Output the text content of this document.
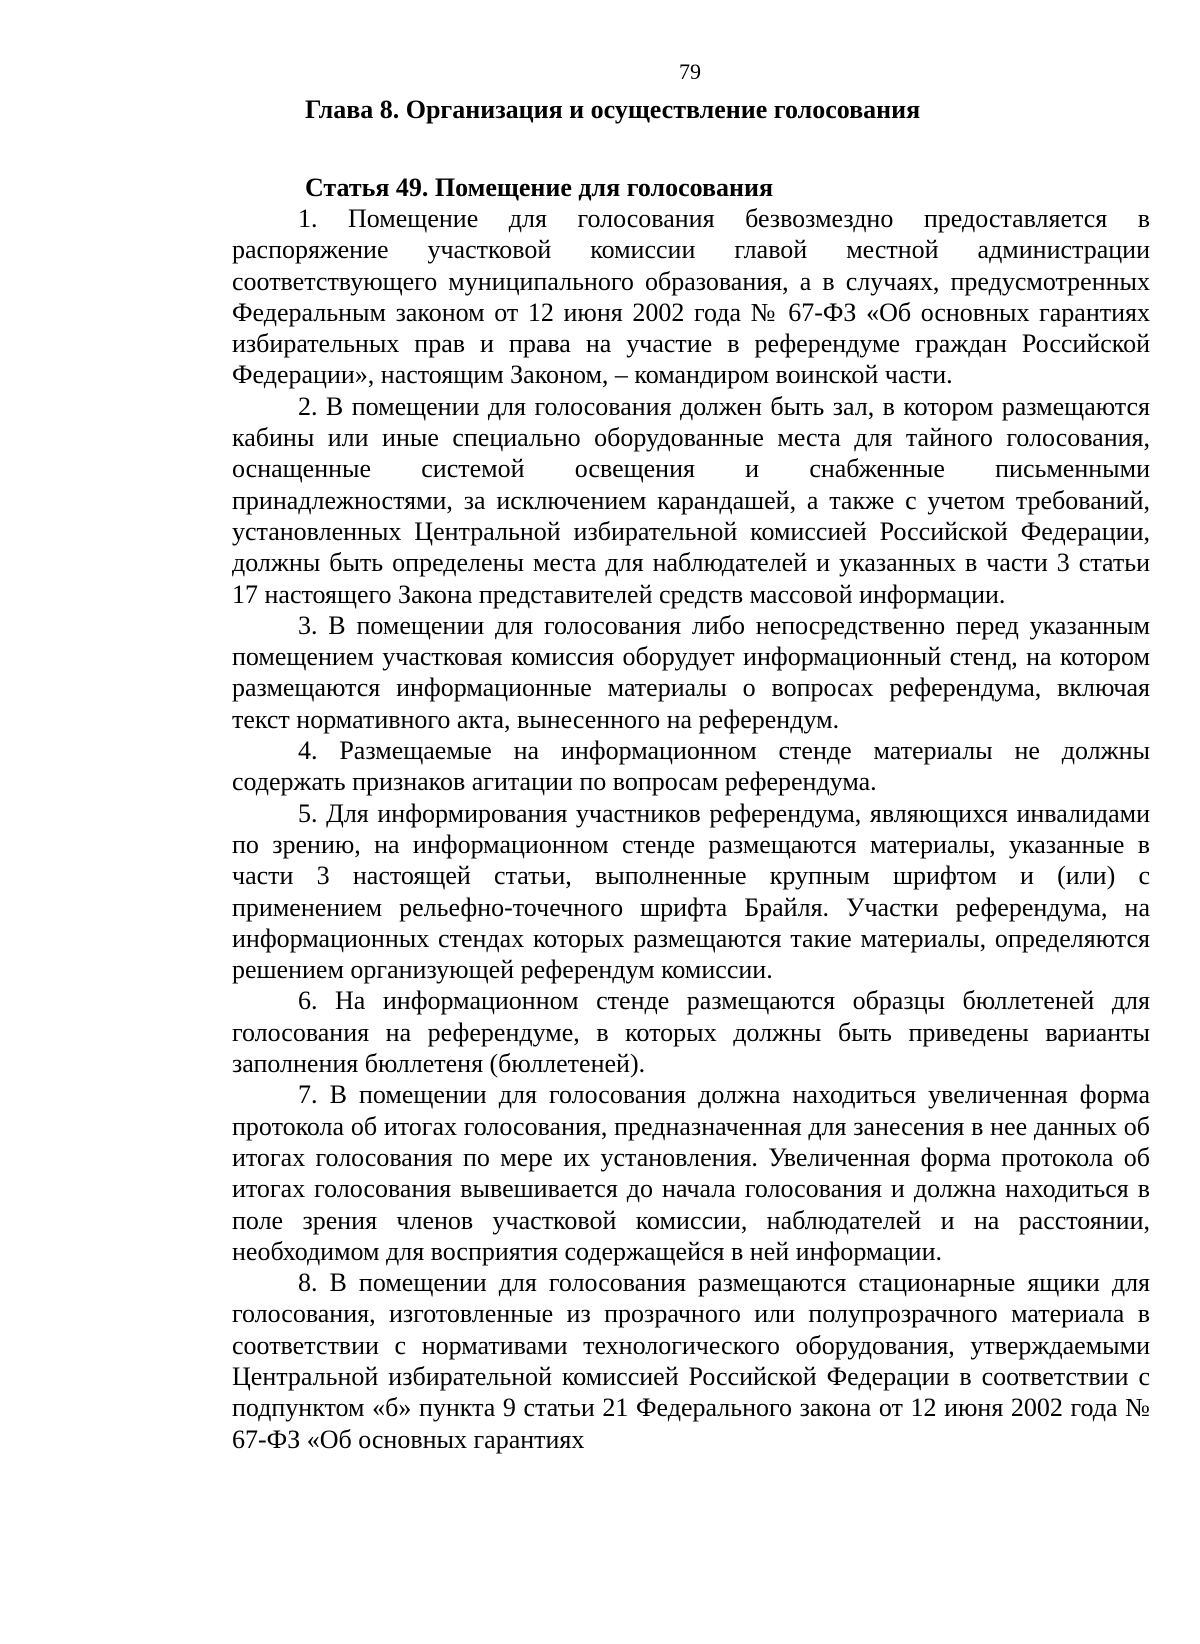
79
Глава 8. Организация и осуществление голосования
Статья 49. Помещение для голосования

1. Помещение для голосования безвозмездно предоставляется в распоряжение участковой комиссии главой местной администрации соответствующего муниципального образования, а в случаях, предусмотренных Федеральным законом от 12 июня 2002 года № 67-ФЗ «Об основных гарантиях избирательных прав и права на участие в референдуме граждан Российской Федерации», настоящим Законом, – командиром воинской части.

2. В помещении для голосования должен быть зал, в котором размещаются кабины или иные специально оборудованные места для тайного голосования, оснащенные системой освещения и снабженные письменными принадлежностями, за исключением карандашей, а также с учетом требований, установленных Центральной избирательной комиссией Российской Федерации, должны быть определены места для наблюдателей и указанных в части 3 статьи 17 настоящего Закона представителей средств массовой информации.

3. В помещении для голосования либо непосредственно перед указанным помещением участковая комиссия оборудует информационный стенд, на котором размещаются информационные материалы о вопросах референдума, включая текст нормативного акта, вынесенного на референдум.

4. Размещаемые на информационном стенде материалы не должны содержать признаков агитации по вопросам референдума.

5. Для информирования участников референдума, являющихся инвалидами по зрению, на информационном стенде размещаются материалы, указанные в части 3 настоящей статьи, выполненные крупным шрифтом и (или) с применением рельефно-точечного шрифта Брайля. Участки референдума, на информационных стендах которых размещаются такие материалы, определяются решением организующей референдум комиссии.

6. На информационном стенде размещаются образцы бюллетеней для голосования на референдуме, в которых должны быть приведены варианты заполнения бюллетеня (бюллетеней).

7. В помещении для голосования должна находиться увеличенная форма протокола об итогах голосования, предназначенная для занесения в нее данных об итогах голосования по мере их установления. Увеличенная форма протокола об итогах голосования вывешивается до начала голосования и должна находиться в поле зрения членов участковой комиссии, наблюдателей и на расстоянии, необходимом для восприятия содержащейся в ней информации.

8. В помещении для голосования размещаются стационарные ящики для голосования, изготовленные из прозрачного или полупрозрачного материала в соответствии с нормативами технологического оборудования, утверждаемыми Центральной избирательной комиссией Российской Федерации в соответствии с подпунктом «б» пункта 9 статьи 21 Федерального закона от 12 июня 2002 года № 67-ФЗ «Об основных гарантиях
